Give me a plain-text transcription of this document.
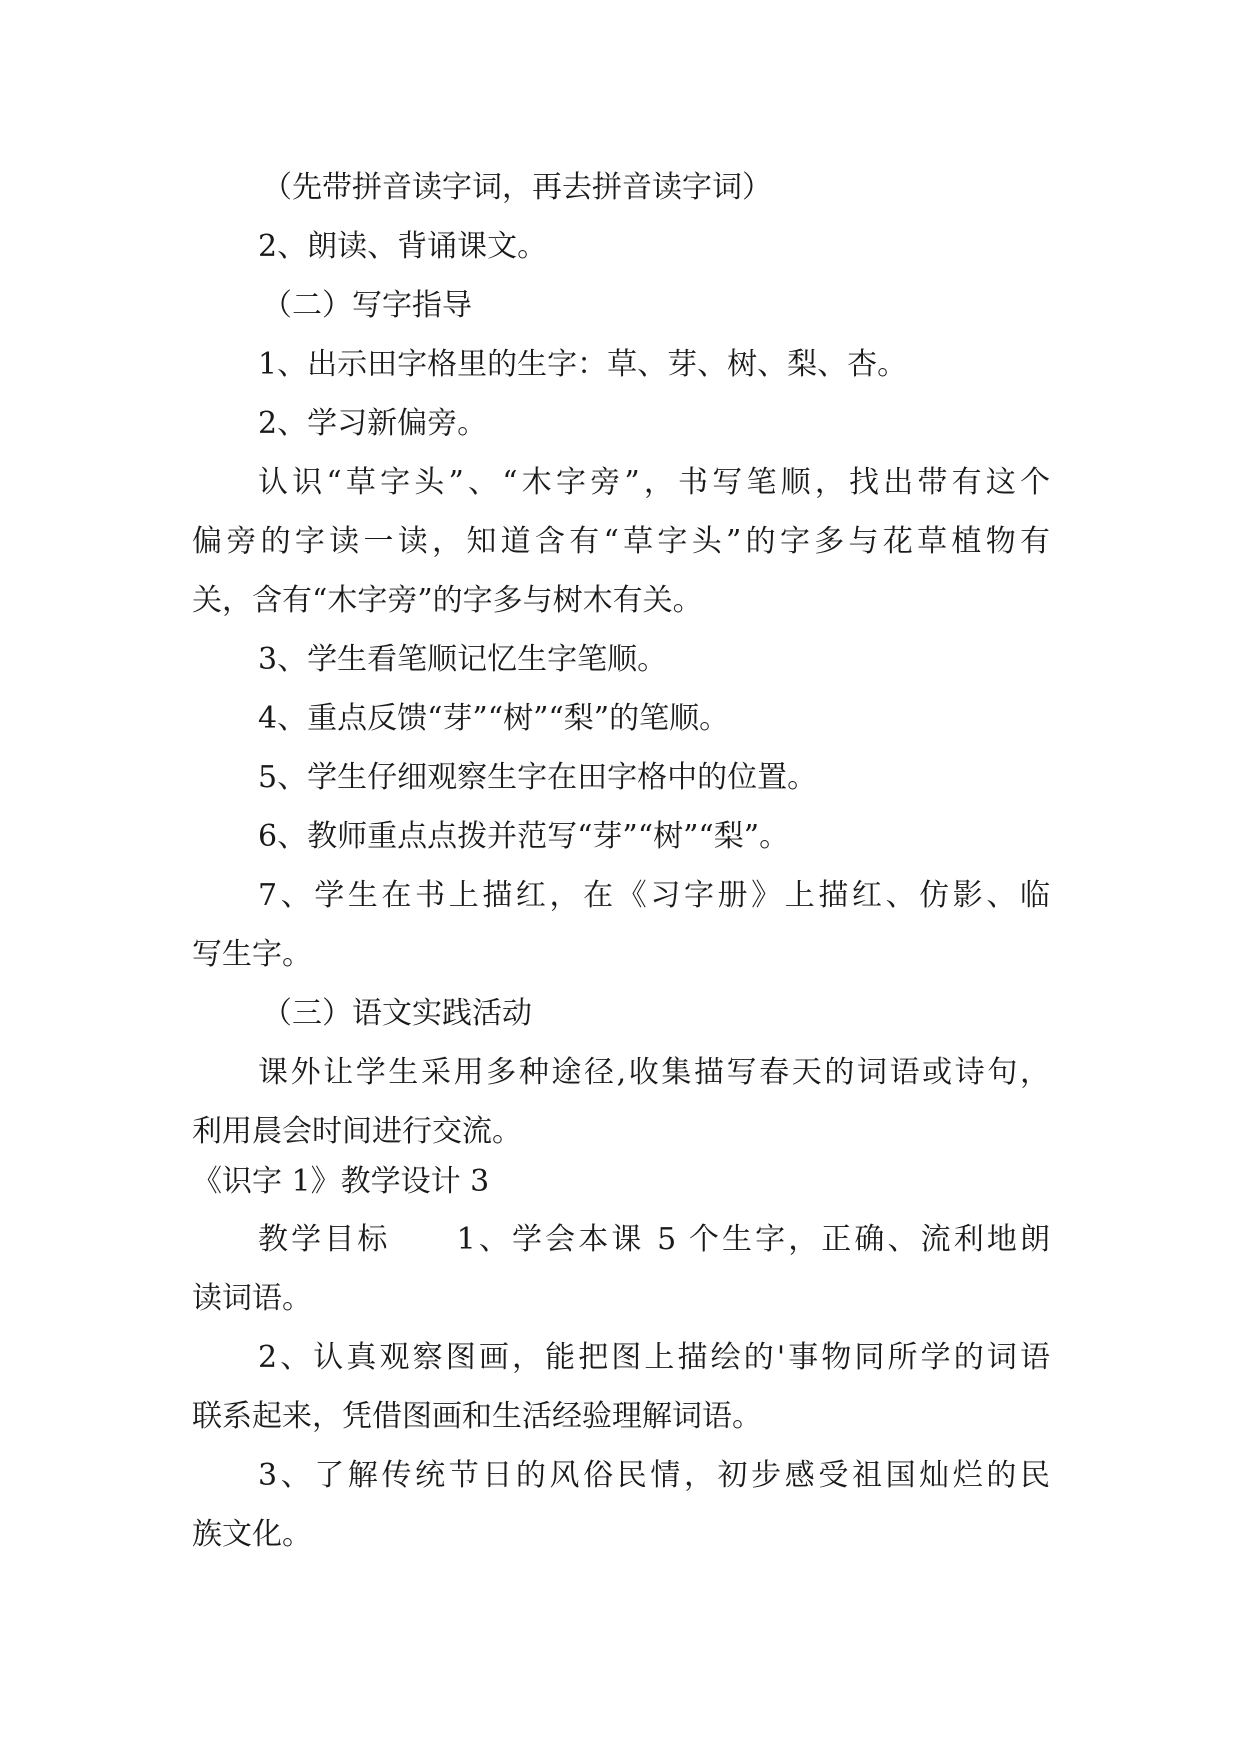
（先带拼音读字词，再去拼音读字词）
2、朗读、背诵课文。
（二）写字指导
1、出示田字格里的生字：草、芽、树、梨、杏。
2、学习新偏旁。
认识“草字头”、“木字旁”，书写笔顺，找出带有这个
偏旁的字读一读，知道含有“草字头”的字多与花草植物有
关，含有“木字旁”的字多与树木有关。
3、学生看笔顺记忆生字笔顺。
4、重点反馈“芽”“树”“梨”的笔顺。
5、学生仔细观察生字在田字格中的位置。
6、教师重点点拨并范写“芽”“树”“梨”。
7、学生在书上描红，在《习字册》上描红、仿影、临
写生字。
（三）语文实践活动
课外让学生采用多种途径,收集描写春天的词语或诗句，
利用晨会时间进行交流。
《识字 1》教学设计 3
教学目标　　1、学会本课 5 个生字，正确、流利地朗
读词语。
2、认真观察图画，能把图上描绘的'事物同所学的词语
联系起来，凭借图画和生活经验理解词语。
3、了解传统节日的风俗民情，初步感受祖国灿烂的民
族文化。
